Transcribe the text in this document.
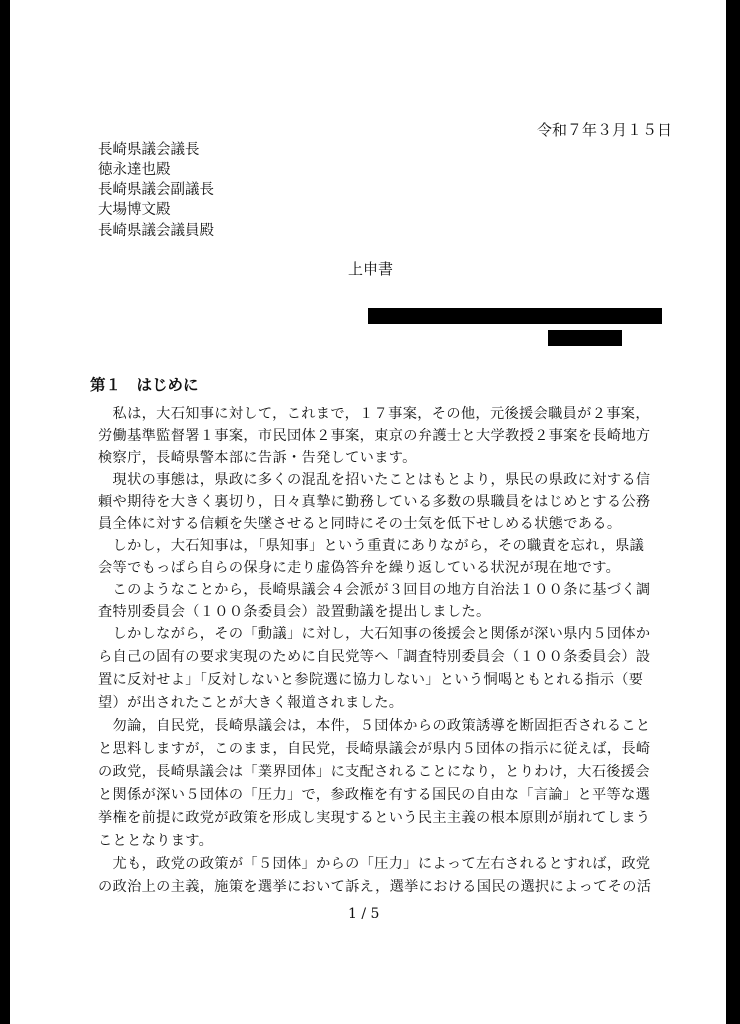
令和７年３月１５日
長崎県議会議長
徳永達也殿
長崎県議会副議長
大場博文殿
長崎県議会議員殿
上申書
第１　はじめに
　私は，大石知事に対して，これまで，１７事案，その他，元後援会職員が２事案，
労働基準監督署１事案，市民団体２事案，東京の弁護士と大学教授２事案を長崎地方
検察庁，長崎県警本部に告訴・告発しています。
　現状の事態は，県政に多くの混乱を招いたことはもとより，県民の県政に対する信
頼や期待を大きく裏切り，日々真摯に勤務している多数の県職員をはじめとする公務
員全体に対する信頼を失墜させると同時にその士気を低下せしめる状態である。
　しかし，大石知事は，「県知事」という重責にありながら，その職責を忘れ，県議
会等でもっぱら自らの保身に走り虚偽答弁を繰り返している状況が現在地です。
　このようなことから，長崎県議会４会派が３回目の地方自治法１００条に基づく調
査特別委員会（１００条委員会）設置動議を提出しました。
　しかしながら，その「動議」に対し，大石知事の後援会と関係が深い県内５団体か
ら自己の固有の要求実現のために自民党等へ「調査特別委員会（１００条委員会）設
置に反対せよ」「反対しないと参院選に協力しない」という恫喝ともとれる指示（要
望）が出されたことが大きく報道されました。
　勿論，自民党，長崎県議会は，本件，５団体からの政策誘導を断固拒否されること
と思料しますが，このまま，自民党，長崎県議会が県内５団体の指示に従えば，長崎
の政党，長崎県議会は「業界団体」に支配されることになり，とりわけ，大石後援会
と関係が深い５団体の「圧力」で，参政権を有する国民の自由な「言論」と平等な選
挙権を前提に政党が政策を形成し実現するという民主主義の根本原則が崩れてしまう
こととなります。
　尤も，政党の政策が「５団体」からの「圧力」によって左右されるとすれば，政党
の政治上の主義，施策を選挙において訴え，選挙における国民の選択によってその活
1 / 5
